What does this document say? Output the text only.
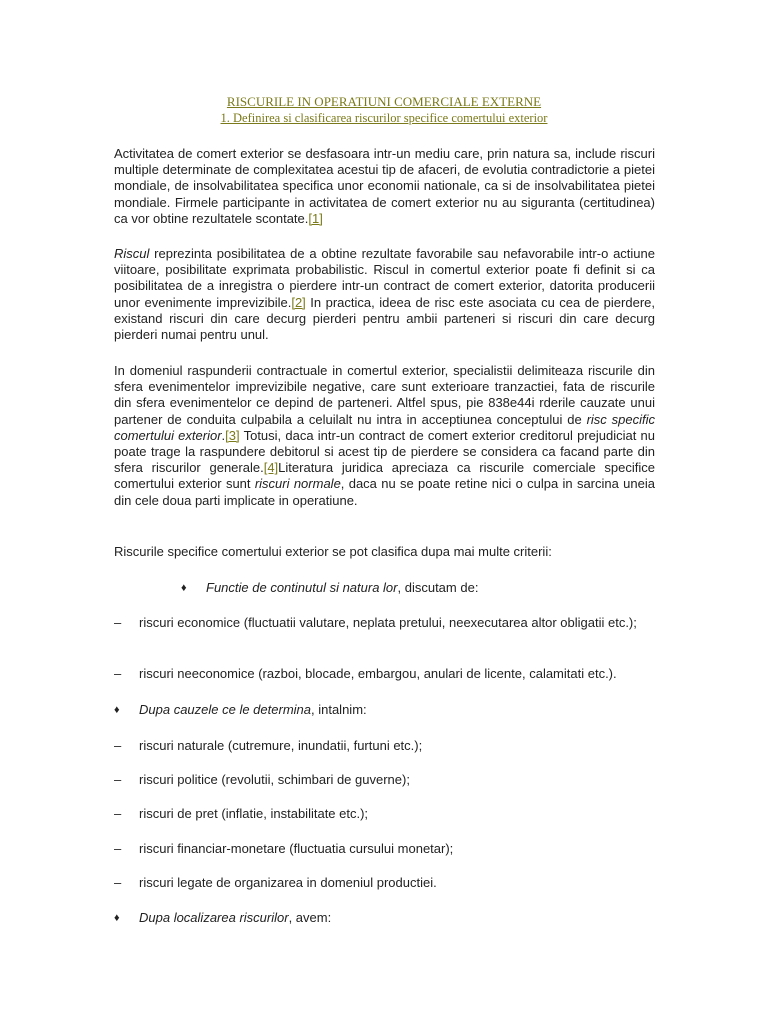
RISCURILE IN OPERATIUNI COMERCIALE EXTERNE
1. Definirea si clasificarea riscurilor specifice comertului exterior

Activitatea de comert exterior se desfasoara intr-un mediu care, prin natura sa, include riscuri multiple determinate de complexitatea acestui tip de afaceri, de evolutia contradictorie a pietei mondiale, de insolvabilitatea specifica unor economii nationale, ca si de insolvabilitatea pietei mondiale. Firmele participante in activitatea de comert exterior nu au siguranta (certitudinea) ca vor obtine rezultatele scontate.[1]

Riscul reprezinta posibilitatea de a obtine rezultate favorabile sau nefavorabile intr-o actiune viitoare, posibilitate exprimata probabilistic. Riscul in comertul exterior poate fi definit si ca posibilitatea de a inregistra o pierdere intr-un contract de comert exterior, datorita producerii unor evenimente imprevizibile.[2] In practica, ideea de risc este asociata cu cea de pierdere, existand riscuri din care decurg pierderi pentru ambii parteneri si riscuri din care decurg pierderi numai pentru unul.

In domeniul raspunderii contractuale in comertul exterior, specialistii delimiteaza riscurile din sfera evenimentelor imprevizibile negative, care sunt exterioare tranzactiei, fata de riscurile din sfera evenimentelor ce depind de parteneri. Altfel spus, pie 838e44i rderile cauzate unui partener de conduita culpabila a celuilalt nu intra in acceptiunea conceptului de risc specific comertului exterior.[3] Totusi, daca intr-un contract de comert exterior creditorul prejudiciat nu poate trage la raspundere debitorul si acest tip de pierdere se considera ca facand parte din sfera riscurilor generale.[4]Literatura juridica apreciaza ca riscurile comerciale specifice comertului exterior sunt riscuri normale, daca nu se poate retine nici o culpa in sarcina uneia din cele doua parti implicate in operatiune.

Riscurile specifice comertului exterior se pot clasifica dupa mai multe criterii:
♦ Functie de continutul si natura lor, discutam de:
–	riscuri economice (fluctuatii valutare, neplata pretului, neexecutarea altor obligatii etc.);

– riscuri neeconomice (razboi, blocade, embargou, anulari de licente, calamitati etc.).
♦ Dupa cauzele ce le determina, intalnim:
– riscuri naturale (cutremure, inundatii, furtuni etc.);
– riscuri politice (revolutii, schimbari de guverne);
– riscuri de pret (inflatie, instabilitate etc.);
– riscuri financiar-monetare (fluctuatia cursului monetar);
– riscuri legate de organizarea in domeniul productiei.
♦ Dupa localizarea riscurilor, avem:
